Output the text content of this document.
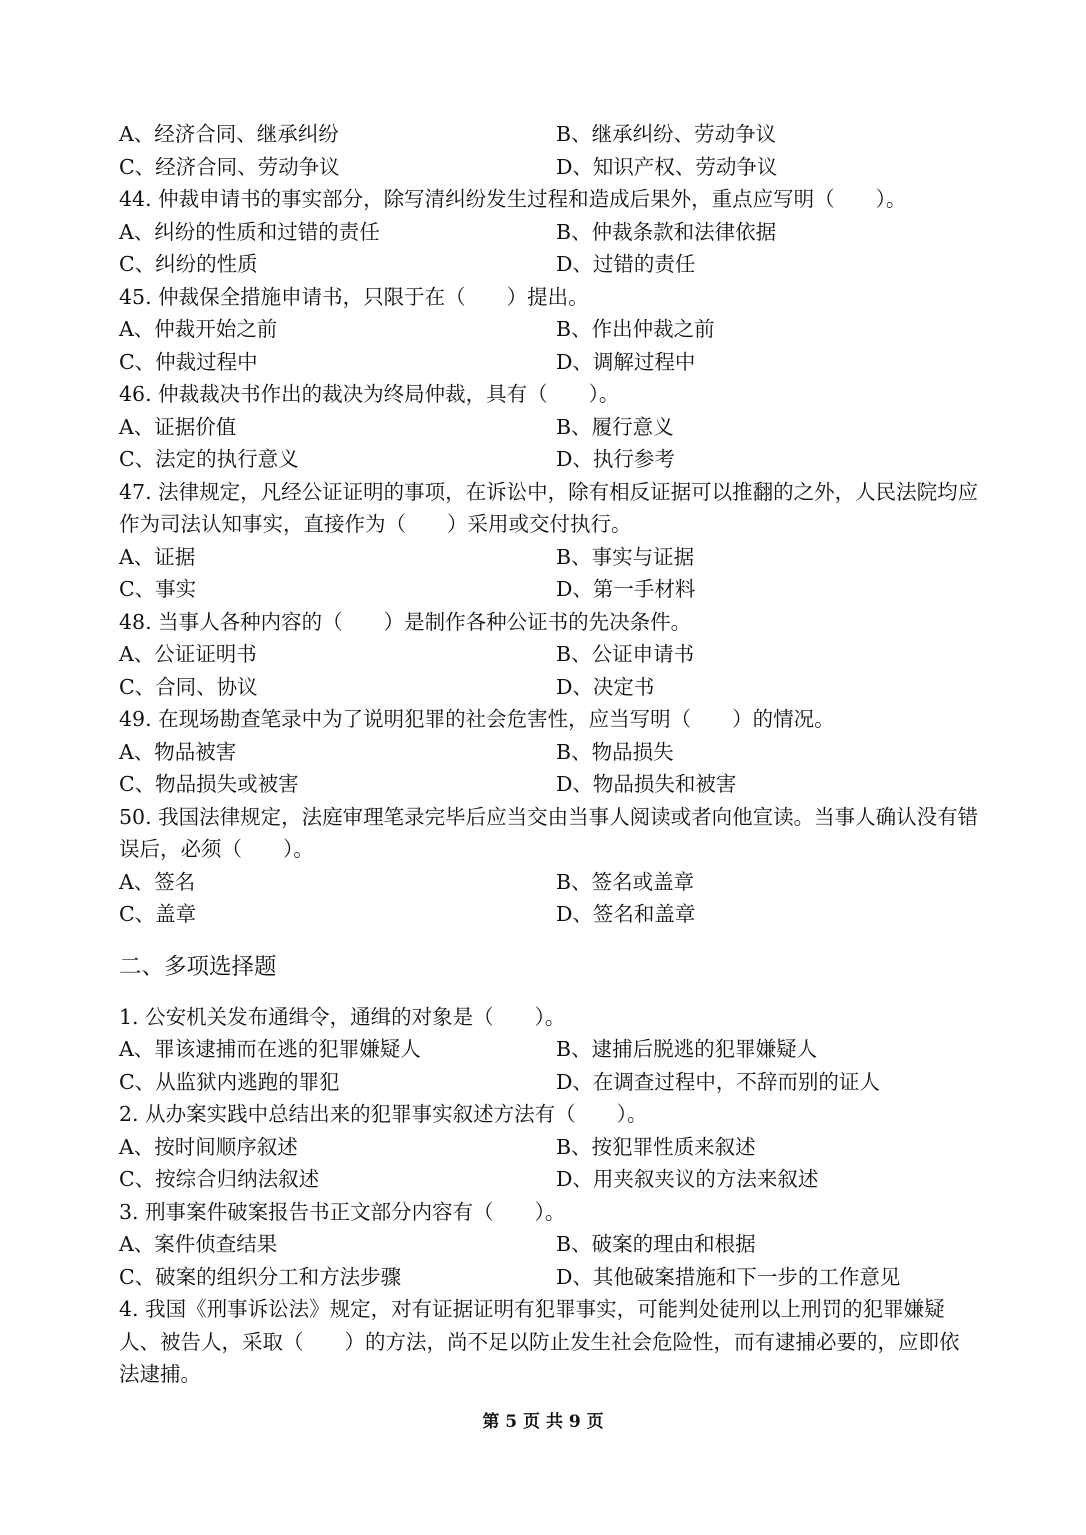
A、经济合同、继承纠纷	B、继承纠纷、劳动争议
C、经济合同、劳动争议	D、知识产权、劳动争议
44. 仲裁申请书的事实部分，除写清纠纷发生过程和造成后果外，重点应写明（　　）。
A、纠纷的性质和过错的责任	B、仲裁条款和法律依据
C、纠纷的性质	D、过错的责任
45. 仲裁保全措施申请书，只限于在（　　）提出。
A、仲裁开始之前	B、作出仲裁之前
C、仲裁过程中	D、调解过程中
46. 仲裁裁决书作出的裁决为终局仲裁，具有（　　）。
A、证据价值	B、履行意义
C、法定的执行意义	D、执行参考
47. 法律规定，凡经公证证明的事项，在诉讼中，除有相反证据可以推翻的之外，人民法院均应作为司法认知事实，直接作为（　　）采用或交付执行。
A、证据	B、事实与证据
C、事实	D、第一手材料
48. 当事人各种内容的（　　）是制作各种公证书的先决条件。
A、公证证明书	B、公证申请书
C、合同、协议	D、决定书
49. 在现场勘查笔录中为了说明犯罪的社会危害性，应当写明（　　）的情况。
A、物品被害	B、物品损失
C、物品损失或被害	D、物品损失和被害
50. 我国法律规定，法庭审理笔录完毕后应当交由当事人阅读或者向他宣读。当事人确认没有错误后，必须（　　）。
A、签名	B、签名或盖章
C、盖章	D、签名和盖章
二、多项选择题
1. 公安机关发布通缉令，通缉的对象是（　　）。
A、罪该逮捕而在逃的犯罪嫌疑人	B、逮捕后脱逃的犯罪嫌疑人
C、从监狱内逃跑的罪犯	D、在调查过程中，不辞而别的证人
2. 从办案实践中总结出来的犯罪事实叙述方法有（　　）。
A、按时间顺序叙述	B、按犯罪性质来叙述
C、按综合归纳法叙述	D、用夹叙夹议的方法来叙述
3. 刑事案件破案报告书正文部分内容有（　　）。
A、案件侦查结果	B、破案的理由和根据
C、破案的组织分工和方法步骤	D、其他破案措施和下一步的工作意见
4. 我国《刑事诉讼法》规定，对有证据证明有犯罪事实，可能判处徒刑以上刑罚的犯罪嫌疑人、被告人，采取（　　）的方法，尚不足以防止发生社会危险性，而有逮捕必要的，应即依法逮捕。
第 5 页 共 9 页
